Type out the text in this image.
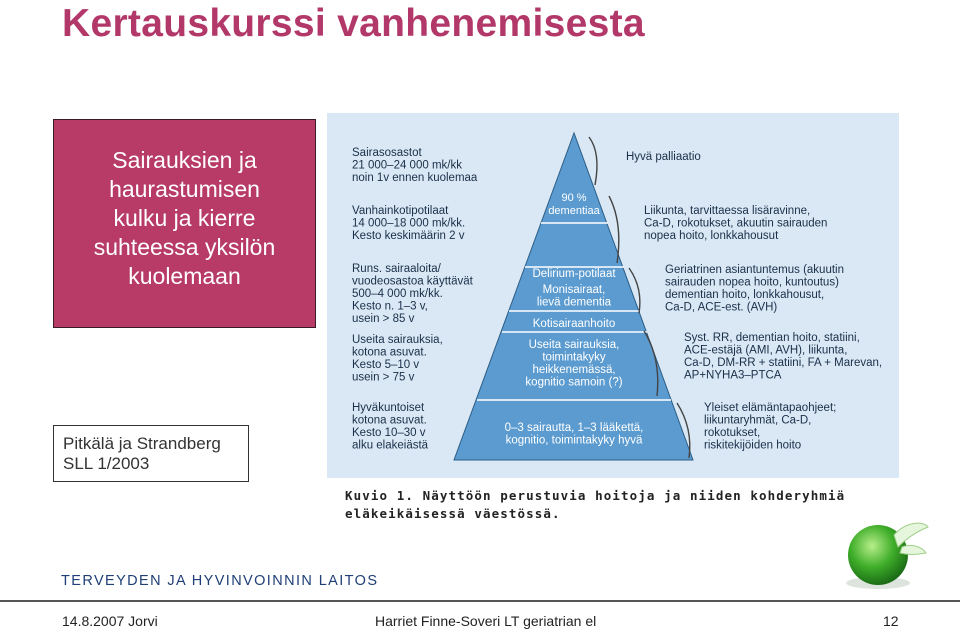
Kertauskurssi vanhenemisesta
Sairauksien ja
haurastumisen
kulku ja kierre
suhteessa yksilön
kuolemaan
Pitkälä ja Strandberg
SLL 1/2003
Sairasosastot
21 000–24 000 mk/kk
noin 1v ennen kuolemaa
Vanhainkotipotilaat
14 000–18 000 mk/kk.
Kesto keskimäärin 2 v
Runs. sairaaloita/
vuodeosastoa käyttävät
500–4 000 mk/kk.
Kesto n. 1–3 v,
usein > 85 v
Useita sairauksia,
kotona asuvat.
Kesto 5–10 v
usein > 75 v
Hyväkuntoiset
kotona asuvat.
Kesto 10–30 v
alku elakeiästä
90 %
dementiaa
Delirium-potilaat
Monisairaat,
lievä dementia
Kotisairaanhoito
Useita sairauksia,
toimintakyky
heikkenemässä,
kognitio samoin (?)
0–3 sairautta, 1–3 lääkettä,
kognitio, toimintakyky hyvä
Hyvä palliaatio
Liikunta, tarvittaessa lisäravinne,
Ca-D, rokotukset, akuutin sairauden
nopea hoito, lonkkahousut
Geriatrinen asiantuntemus (akuutin
sairauden nopea hoito, kuntoutus)
dementian hoito, lonkkahousut,
Ca-D, ACE-est. (AVH)
Syst. RR, dementian hoito, statiini,
ACE-estäjä (AMI, AVH), liikunta,
Ca-D, DM-RR + statiini, FA + Marevan,
AP+NYHA3–PTCA
Yleiset elämäntapaohjeet;
liikuntaryhmät, Ca-D,
rokotukset,
riskitekijöiden hoito
Kuvio 1. Näyttöön perustuvia hoitoja ja niiden kohderyhmiä
eläkeikäisessä väestössä.
TERVEYDEN JA HYVINVOINNIN LAITOS
14.8.2007 Jorvi	Harriet Finne-Soveri LT geriatrian el	12
